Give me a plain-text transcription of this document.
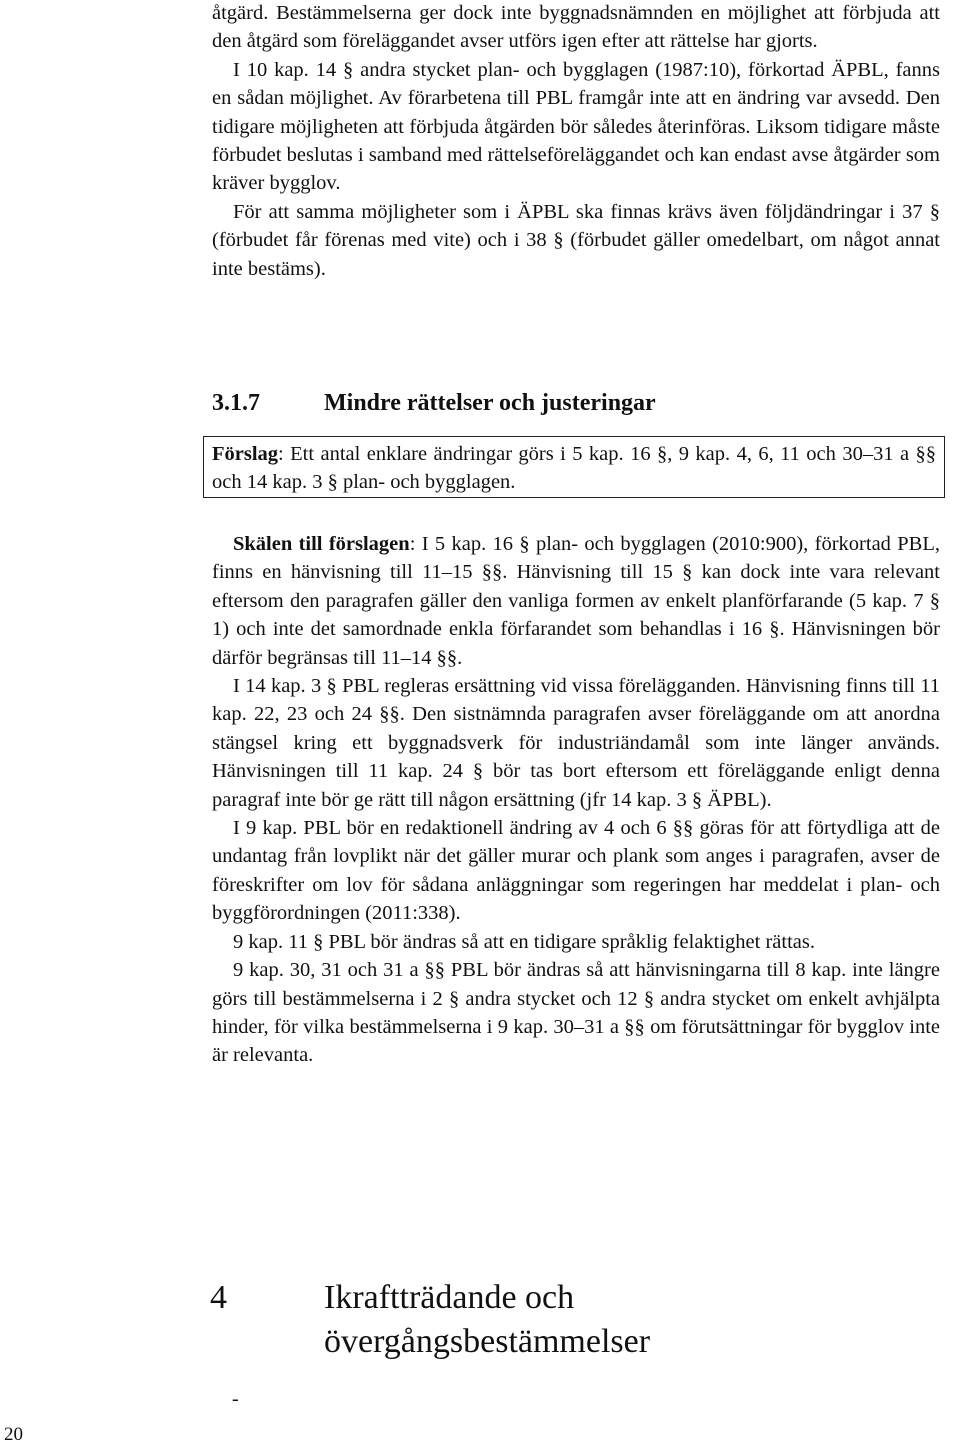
åtgärd. Bestämmelserna ger dock inte byggnadsnämnden en möjlighet att förbjuda att den åtgärd som föreläggandet avser utförs igen efter att rättelse har gjorts.

I 10 kap. 14 § andra stycket plan- och bygglagen (1987:10), förkortad ÄPBL, fanns en sådan möjlighet. Av förarbetena till PBL framgår inte att en ändring var avsedd. Den tidigare möjligheten att förbjuda åtgärden bör således återinföras. Liksom tidigare måste förbudet beslutas i samband med rättelseföreläggandet och kan endast avse åtgärder som kräver bygglov.

För att samma möjligheter som i ÄPBL ska finnas krävs även följdändringar i 37 § (förbudet får förenas med vite) och i 38 § (förbudet gäller omedelbart, om något annat inte bestäms).

3.1.7	Mindre rättelser och justeringar

Förslag: Ett antal enklare ändringar görs i 5 kap. 16 §, 9 kap. 4, 6, 11 och 30–31 a §§ och 14 kap. 3 § plan- och bygglagen.

Skälen till förslagen: I 5 kap. 16 § plan- och bygglagen (2010:900), förkortad PBL, finns en hänvisning till 11–15 §§. Hänvisning till 15 § kan dock inte vara relevant eftersom den paragrafen gäller den vanliga formen av enkelt planförfarande (5 kap. 7 § 1) och inte det samordnade enkla förfarandet som behandlas i 16 §. Hänvisningen bör därför begränsas till 11–14 §§.

I 14 kap. 3 § PBL regleras ersättning vid vissa förelägganden. Hänvisning finns till 11 kap. 22, 23 och 24 §§. Den sistnämnda paragrafen avser föreläggande om att anordna stängsel kring ett byggnadsverk för industriändamål som inte länger används. Hänvisningen till 11 kap. 24 § bör tas bort eftersom ett föreläggande enligt denna paragraf inte bör ge rätt till någon ersättning (jfr 14 kap. 3 § ÄPBL).

I 9 kap. PBL bör en redaktionell ändring av 4 och 6 §§ göras för att förtydliga att de undantag från lovplikt när det gäller murar och plank som anges i paragrafen, avser de föreskrifter om lov för sådana anläggningar som regeringen har meddelat i plan- och byggförordningen (2011:338).

9 kap. 11 § PBL bör ändras så att en tidigare språklig felaktighet rättas.

9 kap. 30, 31 och 31 a §§ PBL bör ändras så att hänvisningarna till 8 kap. inte längre görs till bestämmelserna i 2 § andra stycket och 12 § andra stycket om enkelt avhjälpta hinder, för vilka bestämmelserna i 9 kap. 30–31 a §§ om förutsättningar för bygglov inte är relevanta.

4	Ikraftträdande och
övergångsbestämmelser
-
20
